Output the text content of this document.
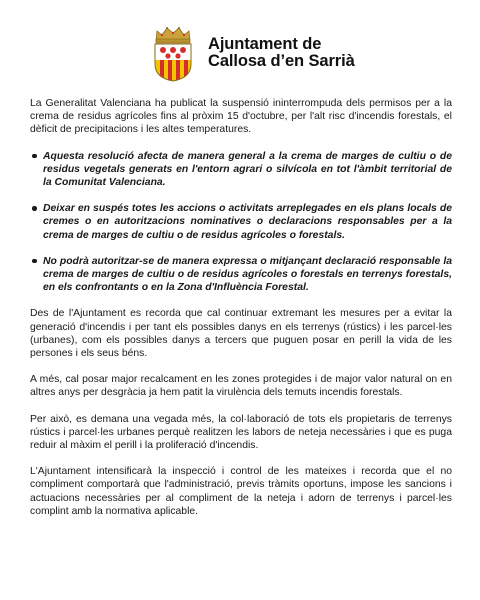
Ajuntament de
Callosa d’en Sarrià

La Generalitat Valenciana ha publicat la suspensió ininterrompuda dels permisos per a la crema de residus agrícoles fins al pròxim 15 d'octubre, per l'alt risc d'incendis forestals, el dèficit de precipitacions i les altes temperatures.

Aquesta resolució afecta de manera general a la crema de marges de cultiu o de residus vegetals generats en l'entorn agrari o silvícola en tot l'àmbit territorial de la Comunitat Valenciana.
Deixar en suspés totes les accions o activitats arreplegades en els plans locals de cremes o en autoritzacions nominatives o declaracions responsables per a la crema de marges de cultiu o de residus agrícoles o forestals.
No podrà autoritzar-se de manera expressa o mitjançant declaració responsable la crema de marges de cultiu o de residus agrícoles o forestals en terrenys forestals, en els confrontants o en la Zona d'Influència Forestal.

Des de l'Ajuntament es recorda que cal continuar extremant les mesures per a evitar la generació d'incendis i per tant els possibles danys en els terrenys (rústics) i les parcel·les (urbanes), com els possibles danys a tercers que puguen posar en perill la vida de les persones i els seus béns.

A més, cal posar major recalcament en les zones protegides i de major valor natural on en altres anys per desgràcia ja hem patit la virulència dels temuts incendis forestals.

Per això, es demana una vegada més, la col·laboració de tots els propietaris de terrenys rústics i parcel·les urbanes perquè realitzen les labors de neteja necessàries i que es puga reduir al màxim el perill i la proliferació d'incendis.

L'Ajuntament intensificarà la inspecció i control de les mateixes i recorda que el no compliment comportarà que l'administració, previs tràmits oportuns, impose les sancions i actuacions necessàries per al compliment de la neteja i adorn de terrenys i parcel·les complint amb la normativa aplicable.
